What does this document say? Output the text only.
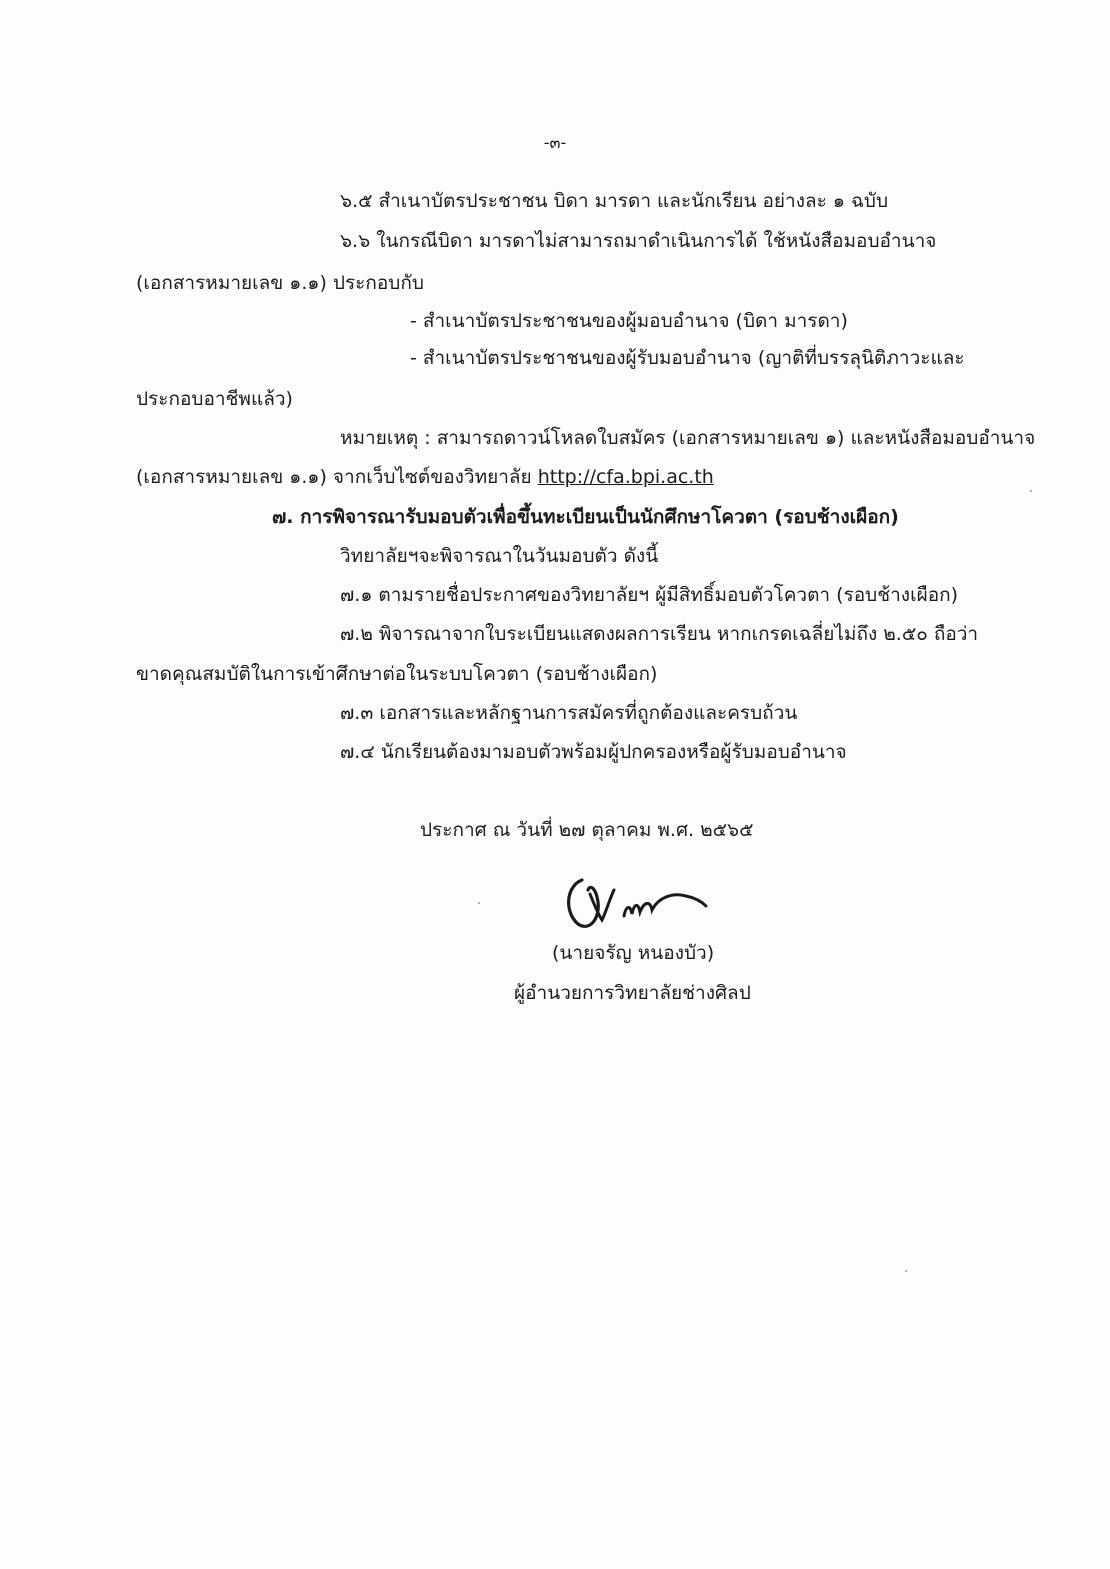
-๓-
๖.๕ สำเนาบัตรประชาชน บิดา มารดา และนักเรียน อย่างละ ๑ ฉบับ
๖.๖ ในกรณีบิดา มารดาไม่สามารถมาดำเนินการได้ ใช้หนังสือมอบอำนาจ
(เอกสารหมายเลข ๑.๑) ประกอบกับ
- สำเนาบัตรประชาชนของผู้มอบอำนาจ (บิดา มารดา)
- สำเนาบัตรประชาชนของผู้รับมอบอำนาจ (ญาติที่บรรลุนิติภาวะและ
ประกอบอาชีพแล้ว)
หมายเหตุ : สามารถดาวน์โหลดใบสมัคร (เอกสารหมายเลข ๑) และหนังสือมอบอำนาจ
(เอกสารหมายเลข ๑.๑) จากเว็บไซต์ของวิทยาลัย http://cfa.bpi.ac.th
๗. การพิจารณารับมอบตัวเพื่อขึ้นทะเบียนเป็นนักศึกษาโควตา (รอบช้างเผือก)
วิทยาลัยฯจะพิจารณาในวันมอบตัว ดังนี้
๗.๑ ตามรายชื่อประกาศของวิทยาลัยฯ ผู้มีสิทธิ์มอบตัวโควตา (รอบช้างเผือก)
๗.๒ พิจารณาจากใบระเบียนแสดงผลการเรียน หากเกรดเฉลี่ยไม่ถึง ๒.๕๐ ถือว่า
ขาดคุณสมบัติในการเข้าศึกษาต่อในระบบโควตา (รอบช้างเผือก)
๗.๓ เอกสารและหลักฐานการสมัครที่ถูกต้องและครบถ้วน
๗.๔ นักเรียนต้องมามอบตัวพร้อมผู้ปกครองหรือผู้รับมอบอำนาจ
ประกาศ ณ วันที่ ๒๗ ตุลาคม พ.ศ. ๒๕๖๕
(นายจรัญ หนองบัว)
ผู้อำนวยการวิทยาลัยช่างศิลป
